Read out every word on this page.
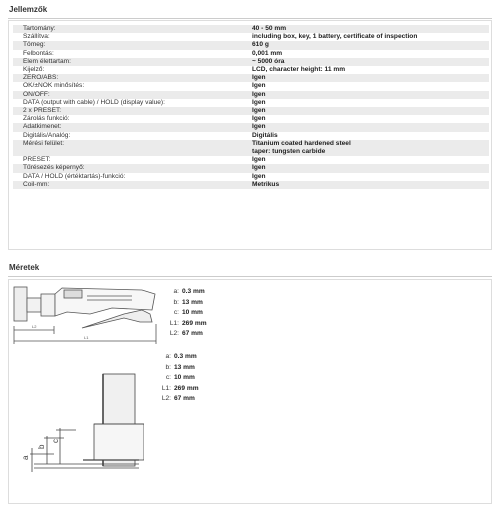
Jellemzők
Tartomány:	40 - 50 mm
Szállítva:	including box, key, 1 battery, certificate of inspection
Tömeg:	610 g
Felbontás:	0,001 mm
Elem élettartam:	~ 5000 óra
Kijelző:	LCD, character height: 11 mm
ZERO/ABS:	Igen
OK/±NOK minősítés:	Igen
ON/OFF:	Igen
DATA (output with cable) / HOLD (display value):	Igen
2 x PRESET:	Igen
Zárolás funkció:	Igen
Adatkimenet:	Igen
Digitális/Analóg:	Digitális
Mérési felület:	Titanium coated hardened steel
taper: tungsten carbide

PRESET:	Igen
Tűrésezés képernyő:	Igen
DATA / HOLD (értéktartás)-funkció:	Igen
Coil-mm:	Metrikus
Méretek
L2
L1
a: 0.3 mm
b: 13 mm
c: 10 mm
L1: 269 mm
L2: 67 mm
a
b
c
a: 0.3 mm
b: 13 mm
c: 10 mm
L1: 269 mm
L2: 67 mm
